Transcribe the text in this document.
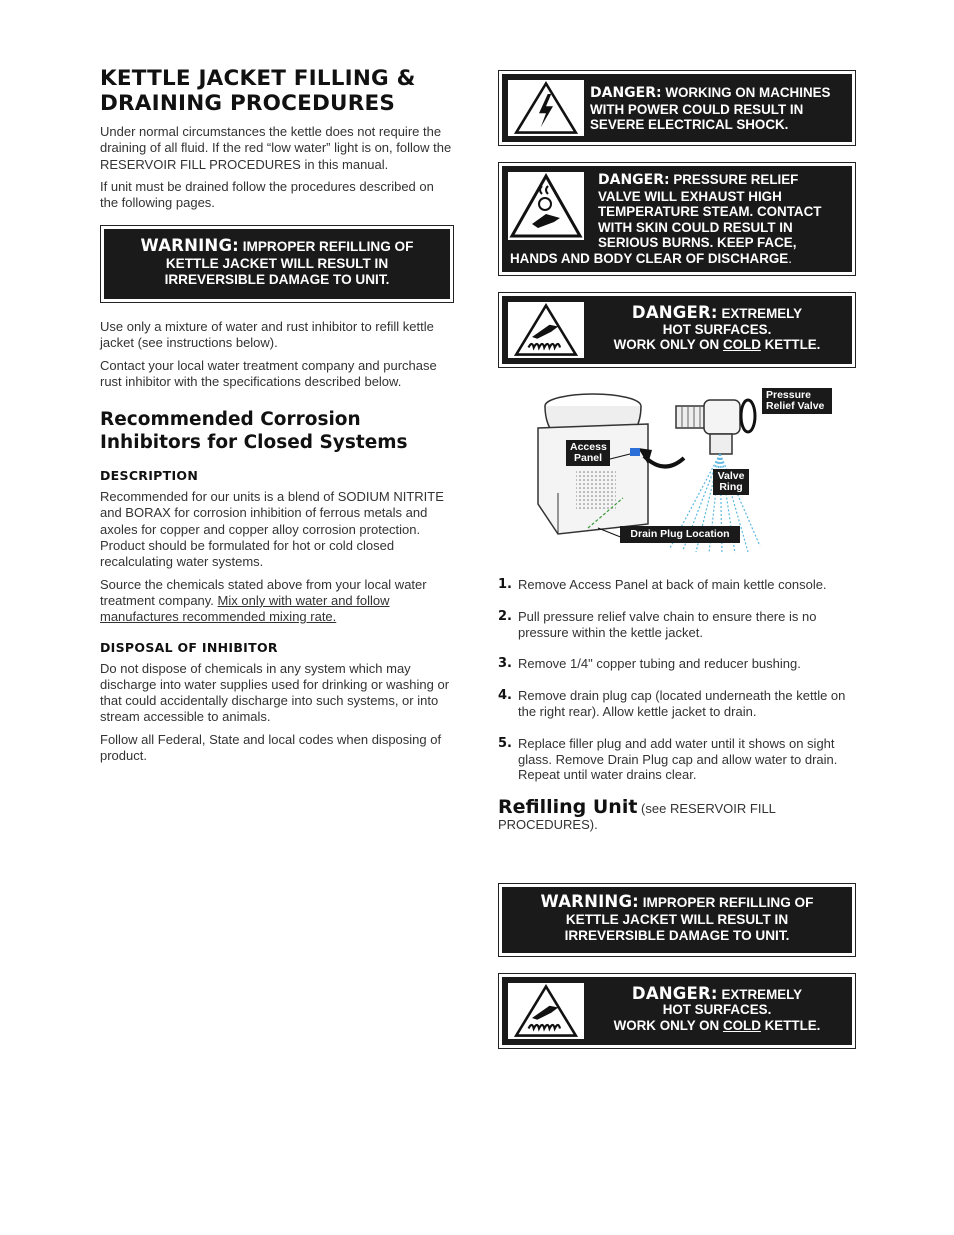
KETTLE JACKET FILLING &
DRAINING PROCEDURES

Under normal circumstances the kettle does not require the draining of all fluid. If the red “low water” light is on, follow the RESERVOIR FILL PROCEDURES in this manual.

If unit must be drained follow the procedures described on the following pages.

WARNING: IMPROPER REFILLING OF
KETTLE JACKET WILL RESULT IN
IRREVERSIBLE DAMAGE TO UNIT.

Use only a mixture of water and rust inhibitor to refill kettle jacket (see instructions below).

Contact your local water treatment company and purchase rust inhibitor with the specifications described below.

Recommended Corrosion
Inhibitors for Closed Systems
DESCRIPTION

Recommended for our units is a blend of SODIUM NITRITE and BORAX for corrosion inhibition of ferrous metals and axoles for copper and copper alloy corrosion protection. Product should be formulated for hot or cold closed recalculating water systems.

Source the chemicals stated above from your local water treatment company. Mix only with water and follow manufactures recommended mixing rate.

DISPOSAL OF INHIBITOR

Do not dispose of chemicals in any system which may discharge into water supplies used for drinking or washing or that could accidentally discharge into such systems, or into stream accessible to animals.

Follow all Federal, State and local codes when disposing of product.

DANGER: WORKING ON MACHINES WITH POWER COULD RESULT IN SEVERE ELECTRICAL SHOCK.
DANGER: PRESSURE RELIEF VALVE WILL EXHAUST HIGH TEMPERATURE STEAM. CONTACT WITH SKIN COULD RESULT IN SERIOUS BURNS. KEEP FACE,
HANDS AND BODY CLEAR OF DISCHARGE.
DANGER: EXTREMELY
HOT SURFACES.
WORK ONLY ON COLD KETTLE.
Pressure Relief Valve
Access Panel
Valve Ring
Drain Plug Location
1. Remove Access Panel at back of main kettle console.
2. Pull pressure relief valve chain to ensure there is no pressure within the kettle jacket.
3. Remove 1/4" copper tubing and reducer bushing.
4. Remove drain plug cap (located underneath the kettle on the right rear). Allow kettle jacket to drain.
5. Replace filler plug and add water until it shows on sight glass. Remove Drain Plug cap and allow water to drain. Repeat until water drains clear.
Refilling Unit (see RESERVOIR FILL PROCEDURES).
WARNING: IMPROPER REFILLING OF
KETTLE JACKET WILL RESULT IN
IRREVERSIBLE DAMAGE TO UNIT.
DANGER: EXTREMELY
HOT SURFACES.
WORK ONLY ON COLD KETTLE.
